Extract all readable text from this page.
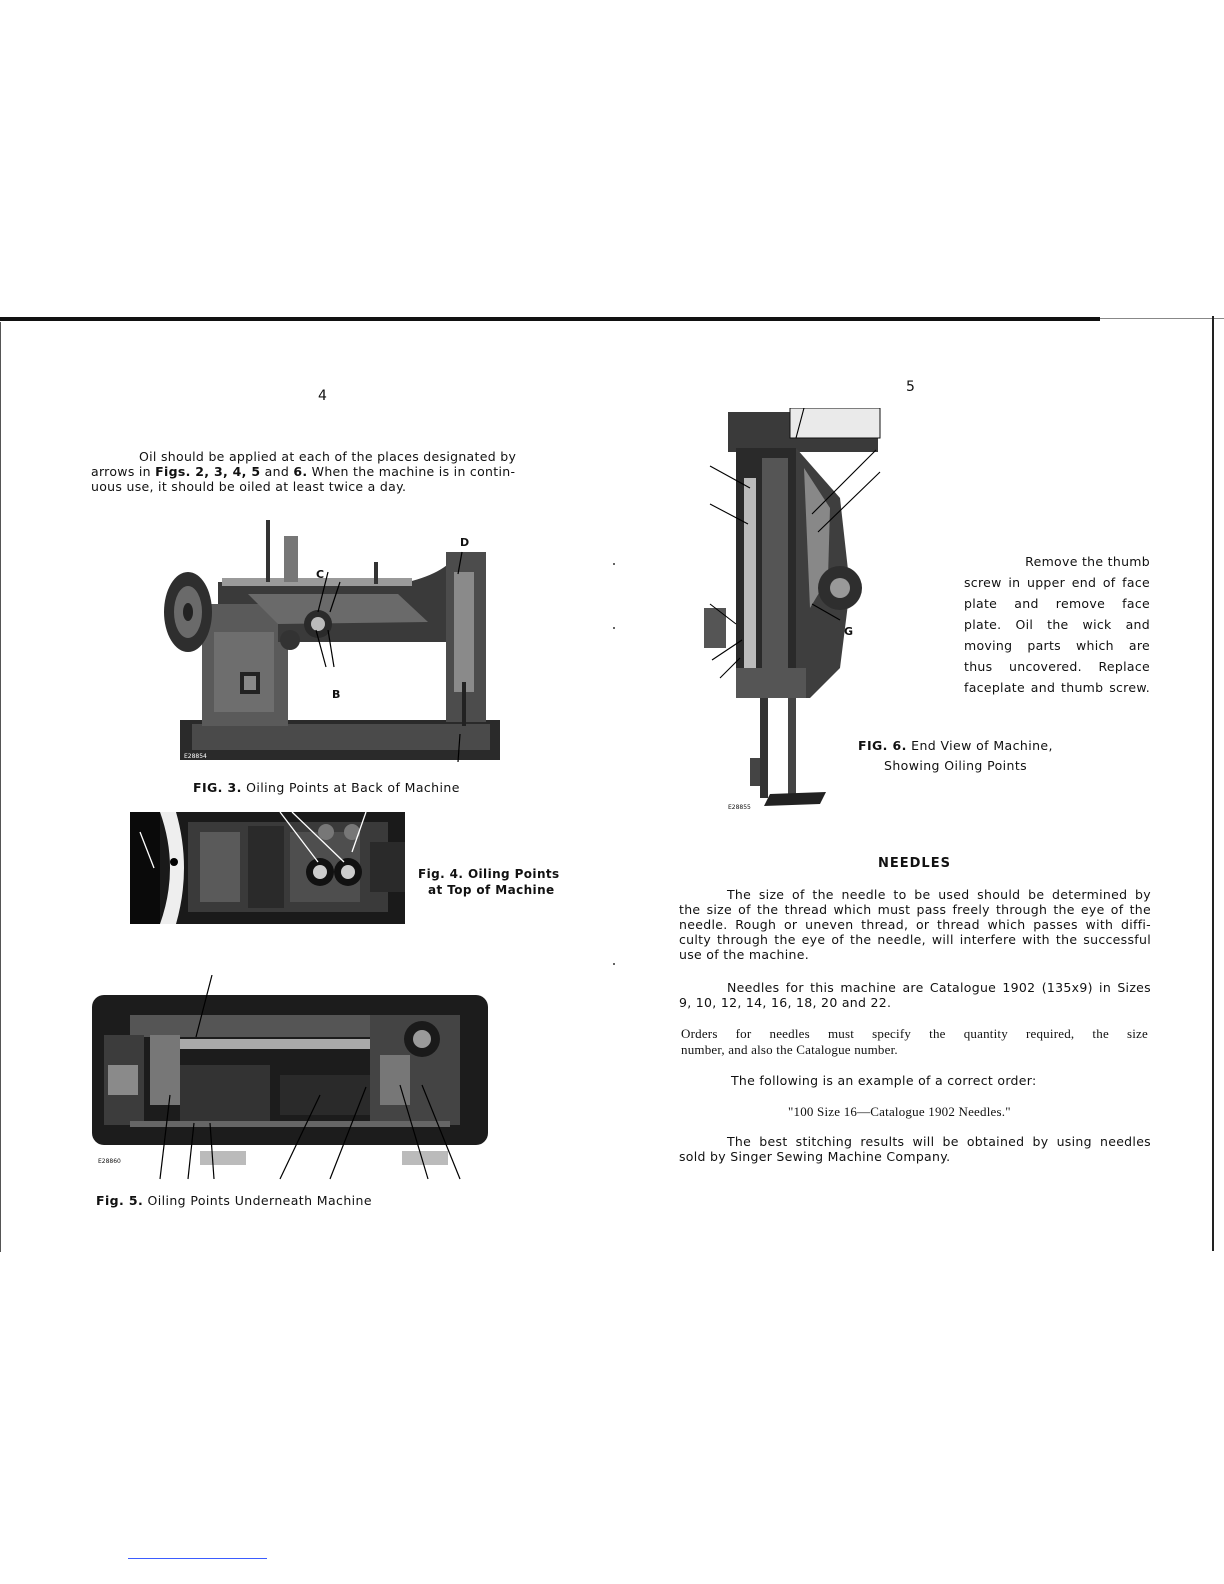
4
Oil should be applied at each of the places designated by
arrows in Figs. 2, 3, 4, 5 and 6. When the machine is in contin-
uous use, it should be oiled at least twice a day.
C
B
D
E28854
FIG. 3. Oiling Points at Back of Machine
Fig. 4. Oiling Points
at Top of Machine
E28860
Fig. 5. Oiling Points Underneath Machine
5
G
E28855
Remove the thumb
screw in upper end of face
plate and remove face
plate. Oil the wick and
moving parts which are
thus uncovered. Replace
faceplate and thumb screw.
FIG. 6. End View of Machine,
Showing Oiling Points
NEEDLES
The size of the needle to be used should be determined by
the size of the thread which must pass freely through the eye of the
needle. Rough or uneven thread, or thread which passes with diffi-
culty through the eye of the needle, will interfere with the successful
use of the machine.
Needles for this machine are Catalogue 1902 (135x9) in Sizes
9, 10, 12, 14, 16, 18, 20 and 22.
Orders for needles must specify the quantity required, the size
number, and also the Catalogue number.
The following is an example of a correct order:
"100 Size 16—Catalogue 1902 Needles."
The best stitching results will be obtained by using needles
sold by Singer Sewing Machine Company.
